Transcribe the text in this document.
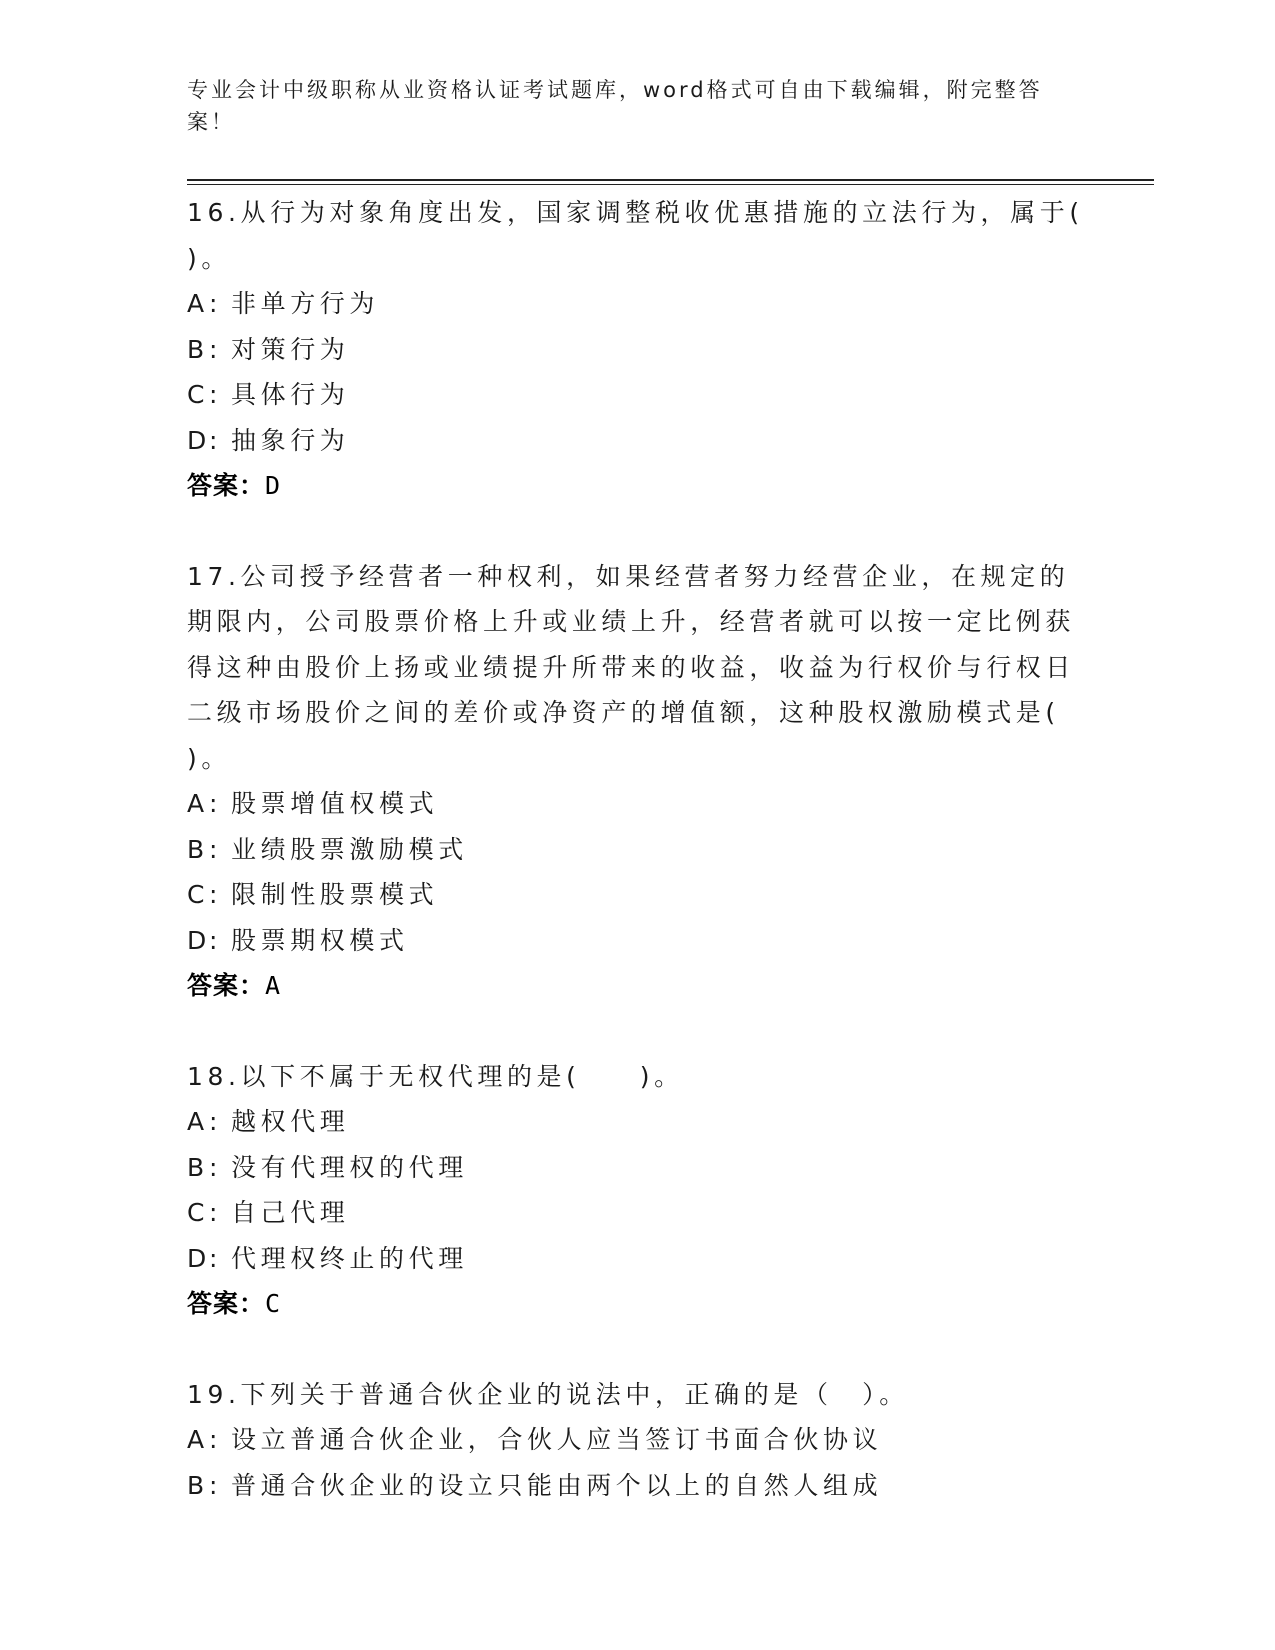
专业会计中级职称从业资格认证考试题库，word格式可自由下载编辑，附完整答案！

16.从行为对象角度出发，国家调整税收优惠措施的立法行为，属于( )。

A : 非单方行为

B : 对策行为

C : 具体行为

D : 抽象行为

答案：D

17.公司授予经营者一种权利，如果经营者努力经营企业，在规定的期限内，公司股票价格上升或业绩上升，经营者就可以按一定比例获得这种由股价上扬或业绩提升所带来的收益，收益为行权价与行权日二级市场股价之间的差价或净资产的增值额，这种股权激励模式是( )。

A : 股票增值权模式

B : 业绩股票激励模式

C : 限制性股票模式

D : 股票期权模式

答案：A

18.以下不属于无权代理的是(　　)。

A : 越权代理

B : 没有代理权的代理

C : 自己代理

D : 代理权终止的代理

答案：C

19.下列关于普通合伙企业的说法中，正确的是（　）。

A : 设立普通合伙企业，合伙人应当签订书面合伙协议

B : 普通合伙企业的设立只能由两个以上的自然人组成
